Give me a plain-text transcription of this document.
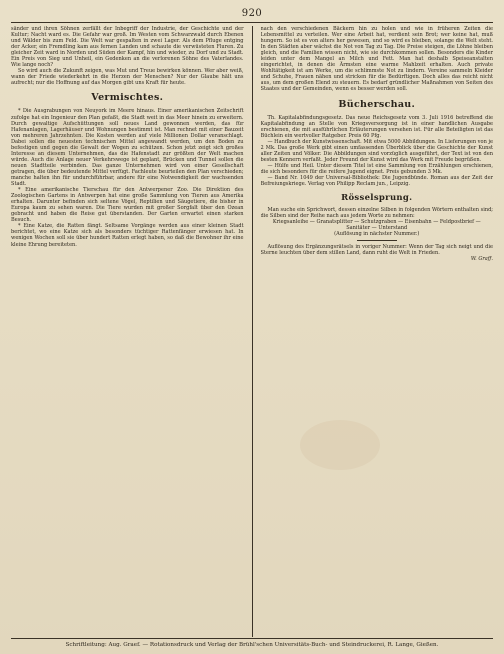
920

sänder und ihren Söhnen zerfällt der Inbegriff der Industrie, der Geschichte und der Kultur; Nacht ward es. Die Gefahr war groß. Im Westen vom Schwarzwald durch Ebenen und Wälder bis zum Feld. Die Welt war gespalten in zwei Lager. Als dem Pfluge entging der Acker, ein Fremdling kam aus fernen Landen und schaute die verwüsteten Fluren. Zu gleicher Zeit ward in Norden und Süden der Kampf, hin und wieder, zu Dorf und zu Stadt. Ein Preis von Sieg und Unheil, ein Gedenken an die verlorenen Söhne des Vaterlandes. Wie lange noch?

So wird auch die Zukunft zeigen, was Mut und Treue bewirken können. Wer aber weiß, wann der Friede wiederkehrt in die Herzen der Menschen? Nur der Glaube hält uns aufrecht; nur die Hoffnung auf das Morgen gibt uns Kraft für heute.

Vermischtes.

* Die Ausgrabungen von Neuyork im Meere hinaus. Einer amerikanischen Zeitschrift zufolge hat ein Ingenieur den Plan gefaßt, die Stadt weit in das Meer hinein zu erweitern. Durch gewaltige Aufschüttungen soll neues Land gewonnen werden, das für Hafenanlagen, Lagerhäuser und Wohnungen bestimmt ist. Man rechnet mit einer Bauzeit von mehreren Jahrzehnten. Die Kosten werden auf viele Millionen Dollar veranschlagt. Dabei sollen die neuesten technischen Mittel angewandt werden, um den Boden zu befestigen und gegen die Gewalt der Wogen zu schützen. Schon jetzt zeigt sich großes Interesse an diesem Unternehmen, das die Hafenstadt zur größten der Welt machen würde. Auch die Anlage neuer Verkehrswege ist geplant, Brücken und Tunnel sollen die neuen Stadtteile verbinden. Das ganze Unternehmen wird von einer Gesellschaft getragen, die über bedeutende Mittel verfügt. Fachleute beurteilen den Plan verschieden; manche halten ihn für undurchführbar, andere für eine Notwendigkeit der wachsenden Stadt.

* Eine amerikanische Tierschau für den Antwerpener Zoo. Die Direktion des Zoologischen Gartens in Antwerpen hat eine große Sammlung von Tieren aus Amerika erhalten. Darunter befinden sich seltene Vögel, Reptilien und Säugetiere, die bisher in Europa kaum zu sehen waren. Die Tiere wurden mit großer Sorgfalt über den Ozean gebracht und haben die Reise gut überstanden. Der Garten erwartet einen starken Besuch.

* Eine Katze, die Ratten fängt. Seltsame Vorgänge werden aus einer kleinen Stadt berichtet, wo eine Katze sich als besonders tüchtiger Rattenfänger erwiesen hat. In wenigen Wochen soll sie über hundert Ratten erlegt haben, so daß die Bewohner ihr eine kleine Ehrung bereiteten.

nach den verschiedenen Bäckern hin zu holen und wie in früheren Zeiten die Lebensmittel zu verteilen. Wer eine Arbeit hat, verdient sein Brot; wer keine hat, muß hungern. So ist es von alters her gewesen, und so wird es bleiben, solange die Welt steht. In den Städten aber wächst die Not von Tag zu Tag. Die Preise steigen, die Löhne bleiben gleich, und die Familien wissen nicht, wie sie durchkommen sollen. Besonders die Kinder leiden unter dem Mangel an Milch und Fett. Man hat deshalb Speiseanstalten eingerichtet, in denen die Ärmsten eine warme Mahlzeit erhalten. Auch private Wohltätigkeit ist am Werke, um die schlimmste Not zu lindern. Vereine sammeln Kleider und Schuhe, Frauen nähen und stricken für die Bedürftigen. Doch alles das reicht nicht aus, um dem großen Elend zu steuern. Es bedarf gründlicher Maßnahmen von Seiten des Staates und der Gemeinden, wenn es besser werden soll.

Bücherschau.

Th. Kapitalabfindungsgesetz. Das neue Reichsgesetz vom 3. Juli 1916 betreffend die Kapitalabfindung an Stelle von Kriegsversorgung ist in einer handlichen Ausgabe erschienen, die mit ausführlichen Erläuterungen versehen ist. Für alle Beteiligten ist das Büchlein ein wertvoller Ratgeber. Preis 60 Pfg.

— Handbuch der Kunstwissenschaft. Mit etwa 5000 Abbildungen. In Lieferungen von je 2 Mk. Das große Werk gibt einen umfassenden Überblick über die Geschichte der Kunst aller Zeiten und Völker. Die Abbildungen sind vorzüglich ausgeführt, der Text ist von den besten Kennern verfaßt. Jeder Freund der Kunst wird das Werk mit Freude begrüßen.

— Hülfe und Heil. Unter diesem Titel ist eine Sammlung von Erzählungen erschienen, die sich besonders für die reifere Jugend eignet. Preis gebunden 3 Mk.

— Band Nr. 1049 der Universal-Bibliothek: Die Jugendbünde. Roman aus der Zeit der Befreiungskriege. Verlag von Philipp Reclam jun., Leipzig.

Rösselsprung.

Man suche ein Sprichwort, dessen einzelne Silben in folgenden Wörtern enthalten sind; die Silben sind der Reihe nach aus jedem Worte zu nehmen:

Kriegsanleihe — Granatsplitter — Schutzgraben — Eisenbahn — Feldpostbrief — Sanitäter — Unterstand

(Auflösung in nächster Nummer.)

Auflösung des Ergänzungsrätsels in voriger Nummer: Wenn der Tag sich neigt und die Sterne leuchten über dem stillen Land, dann ruht die Welt in Frieden.

W. Graff.

Schriftleitung: Aug. Graef. — Rotationsdruck und Verlag der Brühl'schen Universitäts-Buch- und Steindruckerei, R. Lange, Gießen.
